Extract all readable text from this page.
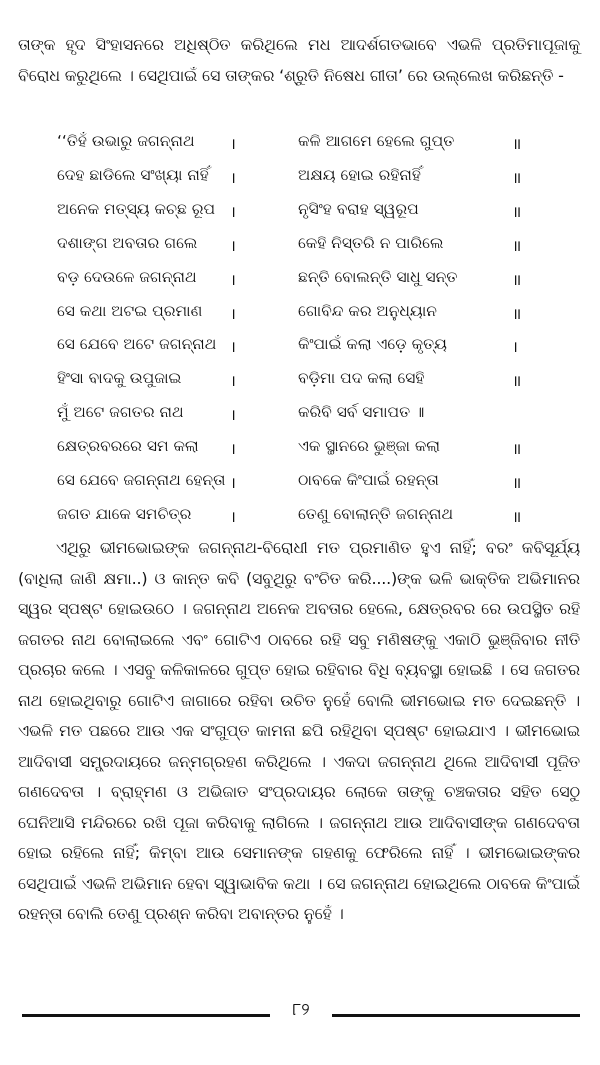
ତାଙ୍କ ହୃଦ ସିଂହାସନରେ ଅଧିଷ୍ଠିତ କରିଥିଲେ ମଧ ଆଦର୍ଶଗତଭାବେ ଏଭଳି ପ୍ରତିମାପୂଜାକୁ ବିରୋଧ କରୁଥିଲେ । ସେଥିପାଇଁ ସେ ତାଙ୍କର ‘ଶ୍ରୁତି ନିଷେଧ ଗୀତା’ ରେ ଉଲ୍ଲେଖ କରିଛନ୍ତି -

‘‘ତିହଁ ଉଭାରୁ ଜଗନ୍ନାଥ ।	କଳି ଆଗମେ ହେଲେ ଗୁପ୍ତ	॥
ଦେହ ଛାଡିଲେ ସଂଖ୍ୟା ନାହିଁ ।	ଅକ୍ଷୟ ହୋଇ ରହିନାହିଁ	॥
ଅନେକ ମତ୍ସ୍ୟ କଚ୍ଛ ରୂପ ।	ନୃସିଂହ ବରାହ ସ୍ୱରୂପ	॥
ଦଶାଙ୍ଗ ଅବତାର ଗଲେ ।	କେହି ନିସ୍ତରି ନ ପାରିଲେ	॥
ବଡ଼ ଦେଉଳେ ଜଗନ୍ନାଥ ।	ଛନ୍ତି ବୋଲନ୍ତି ସାଧୁ ସନ୍ତ	॥
ସେ କଥା ଅଟଇ ପ୍ରମାଣ ।	ଗୋବିନ୍ଦ କର ଅନୁଧ୍ୟାନ	॥
ସେ ଯେବେ ଅଟେ ଜଗନ୍ନାଥ ।	କିଂପାଇଁ କଲା ଏଡ଼େ କୃତ୍ୟ	।
ହିଂସା ବାଦକୁ ଉପୁଜାଇ	।	ବଡ଼ିମା ପଦ କଲା ସେହି	॥
ମୁଁ ଅଟେ ଜଗତର ନାଥ	।	କରିବି ସର୍ବ ସମାପତ ॥
କ୍ଷେତ୍ରବରରେ ସମ କଲା ।	ଏକ ସ୍ଥାନରେ ଭୁଞ୍ଜା କଲା	॥
ସେ ଯେବେ ଜଗନ୍ନାଥ ହେନ୍ତା ।	ଠାବକେ କିଂପାଇଁ ରହନ୍ତା	॥
ଜଗତ ଯାକେ ସମଚିତ୍ର ।	ତେଣୁ ବୋଲାନ୍ତି ଜଗନ୍ନାଥ	॥

ଏଥିରୁ ଭୀମଭୋଇଙ୍କ ଜଗନ୍ନାଥ-ବିରୋଧୀ ମତ ପ୍ରମାଣିତ ହୁଏ ନାହିଁ; ବରଂ କବିସୂର୍ଯ୍ୟ (ବାଧିଲା ଜାଣି କ୍ଷମା..) ଓ କାନ୍ତ କବି (ସବୁଥିରୁ ବଂଚିତ କରି....)ଙ୍କ ଭଳି ଭାକ୍ତିକ ଅଭିମାନର ସ୍ୱର ସ୍ପଷ୍ଟ ହୋଇଉଠେ । ଜଗନ୍ନାଥ ଅନେକ ଅବତାର ହେଲେ, କ୍ଷେତ୍ରବର ରେ ଉପସ୍ଥିତ ରହି ଜଗତର ନାଥ ବୋଲାଇଲେ ଏବଂ ଗୋଟିଏ ଠାବରେ ରହି ସବୁ ମଣିଷଙ୍କୁ ଏକାଠି ଭୁଞ୍ଜିବାର ନୀତି ପ୍ରଚାର କଲେ । ଏସବୁ କଳିକାଳରେ ଗୁପ୍ତ ହୋଇ ରହିବାର ବିଧି ବ୍ୟବସ୍ଥା ହୋଇଛି । ସେ ଜଗତର ନାଥ ହୋଇଥିବାରୁ ଗୋଟିଏ ଜାଗାରେ ରହିବା ଉଚିତ ନୁହେଁ ବୋଲି ଭୀମଭୋଇ ମତ ଦେଇଛନ୍ତି । ଏଭଳି ମତ ପଛରେ ଆଉ ଏକ ସଂଗୁପ୍ତ କାମନା ଛପି ରହିଥିବା ସ୍ପଷ୍ଟ ହୋଇଯାଏ । ଭୀମଭୋଇ ଆଦିବାସୀ ସମ୍ପ୍ରଦାୟରେ ଜନ୍ମଗ୍ରହଣ କରିଥିଲେ । ଏକଦା ଜଗନ୍ନାଥ ଥିଲେ ଆଦିବାସୀ ପୂଜିତ ଗଣଦେବତା । ବ୍ରାହ୍ମଣ ଓ ଅଭିଜାତ ସଂପ୍ରଦାୟର ଲୋକେ ତାଙ୍କୁ ଚଞ୍ଚକତାର ସହିତ ସେଠୁ ଘେନିଆସି ମନ୍ଦିରରେ ରଖି ପୂଜା କରିବାକୁ ଲାଗିଲେ । ଜଗନ୍ନାଥ ଆଉ ଆଦିବାସୀଙ୍କ ଗଣଦେବତା ହୋଇ ରହିଲେ ନାହିଁ; କିମ୍ବା ଆଉ ସେମାନଙ୍କ ଗହଣକୁ ଫେରିଲେ ନାହିଁ । ଭୀମଭୋଇଙ୍କର ସେଥିପାଇଁ ଏଭଳି ଅଭିମାନ ହେବା ସ୍ୱାଭାବିକ କଥା । ସେ ଜଗନ୍ନାଥ ହୋଇଥିଲେ ଠାବକେ କିଂପାଇଁ ରହନ୍ତା ବୋଲି ତେଣୁ ପ୍ରଶ୍ନ କରିବା ଅବାନ୍ତର ନୁହେଁ ।

୮୨
